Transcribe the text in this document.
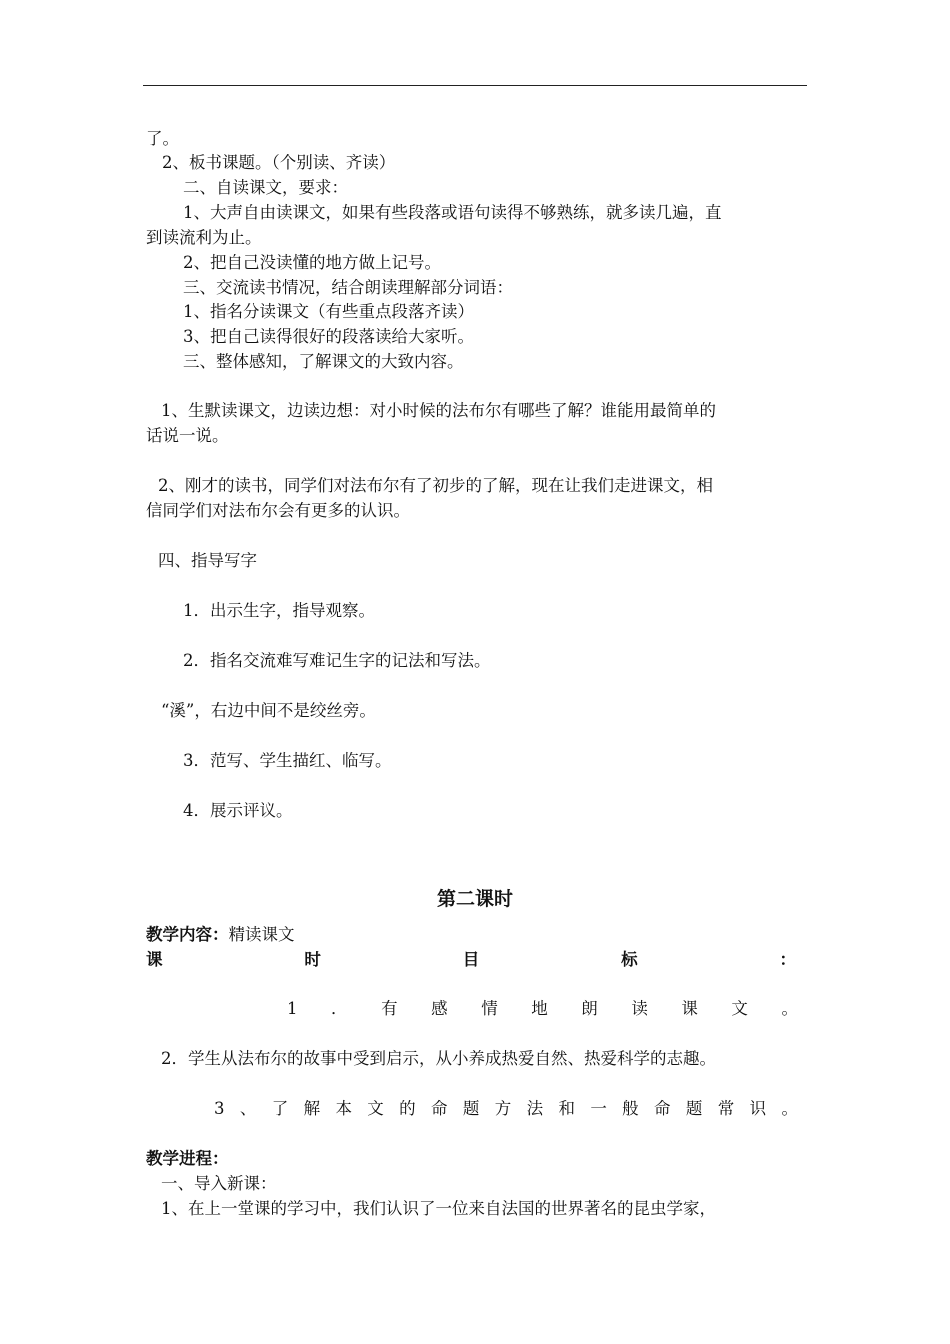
了。
2、板书课题。（个别读、齐读）
二、自读课文，要求：
1、大声自由读课文，如果有些段落或语句读得不够熟练，就多读几遍，直
到读流利为止。
2、把自己没读懂的地方做上记号。
三、交流读书情况，结合朗读理解部分词语：
1、指名分读课文（有些重点段落齐读）
3、把自己读得很好的段落读给大家听。
三、整体感知，了解课文的大致内容。
1、生默读课文，边读边想：对小时候的法布尔有哪些了解？谁能用最简单的
话说一说。
2、刚才的读书，同学们对法布尔有了初步的了解，现在让我们走进课文，相
信同学们对法布尔会有更多的认识。
四、指导写字
1．出示生字，指导观察。
2．指名交流难写难记生字的记法和写法。
“溪”，右边中间不是绞丝旁。
3．范写、学生描红、临写。
4．展示评议。
第二课时
教学内容：精读课文
课	时	目	标	：
1 ． 有 感 情 地 朗 读 课 文 。
2．学生从法布尔的故事中受到启示，从小养成热爱自然、热爱科学的志趣。
3 、 了 解 本 文 的 命 题 方 法 和 一 般 命 题 常 识 。
教学进程：
一、导入新课：
1、在上一堂课的学习中，我们认识了一位来自法国的世界著名的昆虫学家，
